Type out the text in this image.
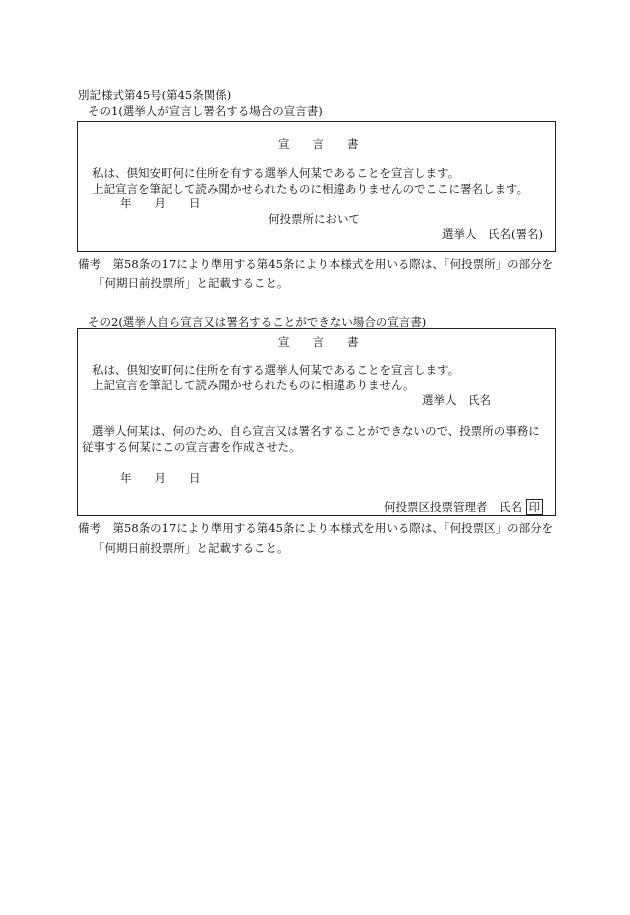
別記様式第45号(第45条関係)
その1(選挙人が宣言し署名する場合の宣言書)
宣　　言　　書
私は、倶知安町何に住所を有する選挙人何某であることを宣言します。
上記宣言を筆記して読み聞かせられたものに相違ありませんのでここに署名します。
年　　月　　日
何投票所において
選挙人　氏名(署名)
備考　第58条の17により準用する第45条により本様式を用いる際は、「何投票所」の部分を
「何期日前投票所」と記載すること。
その2(選挙人自ら宣言又は署名することができない場合の宣言書)
宣　　言　　書
私は、倶知安町何に住所を有する選挙人何某であることを宣言します。
上記宣言を筆記して読み聞かせられたものに相違ありません。
選挙人　氏名
選挙人何某は、何のため、自ら宣言又は署名することができないので、投票所の事務に
従事する何某にこの宣言書を作成させた。
年　　月　　日
何投票区投票管理者　氏名 印
備考　第58条の17により準用する第45条により本様式を用いる際は、「何投票区」の部分を
「何期日前投票所」と記載すること。
